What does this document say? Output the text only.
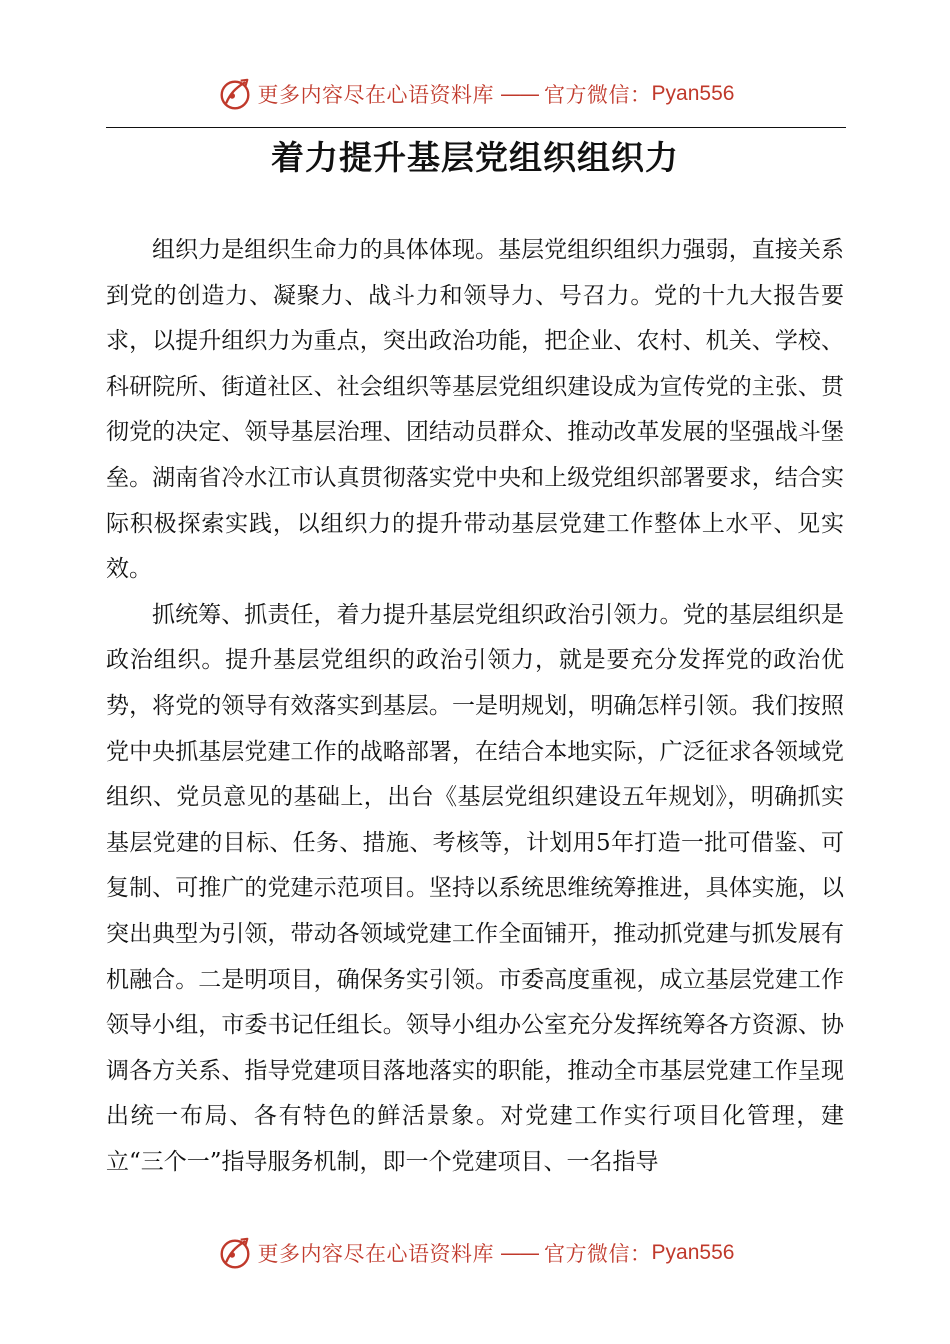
更多内容尽在心语资料库 —— 官方微信： Pyan556
着力提升基层党组织组织力

组织力是组织生命力的具体体现。基层党组织组织力强弱，直接关系到党的创造力、凝聚力、战斗力和领导力、号召力。党的十九大报告要求，以提升组织力为重点，突出政治功能，把企业、农村、机关、学校、科研院所、街道社区、社会组织等基层党组织建设成为宣传党的主张、贯彻党的决定、领导基层治理、团结动员群众、推动改革发展的坚强战斗堡垒。湖南省冷水江市认真贯彻落实党中央和上级党组织部署要求，结合实际积极探索实践，以组织力的提升带动基层党建工作整体上水平、见实效。

抓统筹、抓责任，着力提升基层党组织政治引领力。党的基层组织是政治组织。提升基层党组织的政治引领力，就是要充分发挥党的政治优势，将党的领导有效落实到基层。一是明规划，明确怎样引领。我们按照党中央抓基层党建工作的战略部署，在结合本地实际，广泛征求各领域党组织、党员意见的基础上，出台《基层党组织建设五年规划》，明确抓实基层党建的目标、任务、措施、考核等，计划用5年打造一批可借鉴、可复制、可推广的党建示范项目。坚持以系统思维统筹推进，具体实施，以突出典型为引领，带动各领域党建工作全面铺开，推动抓党建与抓发展有机融合。二是明项目，确保务实引领。市委高度重视，成立基层党建工作领导小组，市委书记任组长。领导小组办公室充分发挥统筹各方资源、协调各方关系、指导党建项目落地落实的职能，推动全市基层党建工作呈现出统一布局、各有特色的鲜活景象。对党建工作实行项目化管理，建立“三个一”指导服务机制，即一个党建项目、一名指导

更多内容尽在心语资料库 —— 官方微信： Pyan556
